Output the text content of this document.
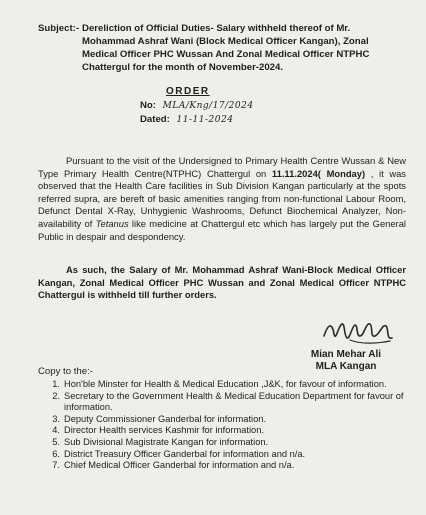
Subject:- Dereliction of Official Duties- Salary withheld thereof of Mr. Mohammad Ashraf Wani (Block Medical Officer Kangan), Zonal Medical Officer PHC Wussan And Zonal Medical Officer NTPHC Chattergul for the month of November-2024.
ORDER
No: MLA/Kng/17/2024
Dated: 11-11-2024
Pursuant to the visit of the Undersigned to Primary Health Centre Wussan & New Type Primary Health Centre(NTPHC) Chattergul on 11.11.2024( Monday) , it was observed that the Health Care facilities in Sub Division Kangan particularly at the spots referred supra, are bereft of basic amenities ranging from non-functional Labour Room, Defunct Dental X-Ray, Unhygienic Washrooms, Defunct Biochemical Analyzer, Non-availability of Tetanus like medicine at Chattergul etc which has largely put the General Public in despair and despondency.
As such, the Salary of Mr. Mohammad Ashraf Wani-Block Medical Officer Kangan, Zonal Medical Officer PHC Wussan and Zonal Medical Officer NTPHC Chattergul is withheld till further orders.
Mian Mehar Ali
MLA Kangan
Copy to the:-
1. Hon'ble Minster for Health & Medical Education ,J&K, for favour of information.
2. Secretary to the Government Health & Medical Education Department for favour of information.
3. Deputy Commissioner Ganderbal for information.
4. Director Health services Kashmir for information.
5. Sub Divisional Magistrate Kangan for information.
6. District Treasury Officer Ganderbal for information and n/a.
7. Chief Medical Officer Ganderbal for information and n/a.
